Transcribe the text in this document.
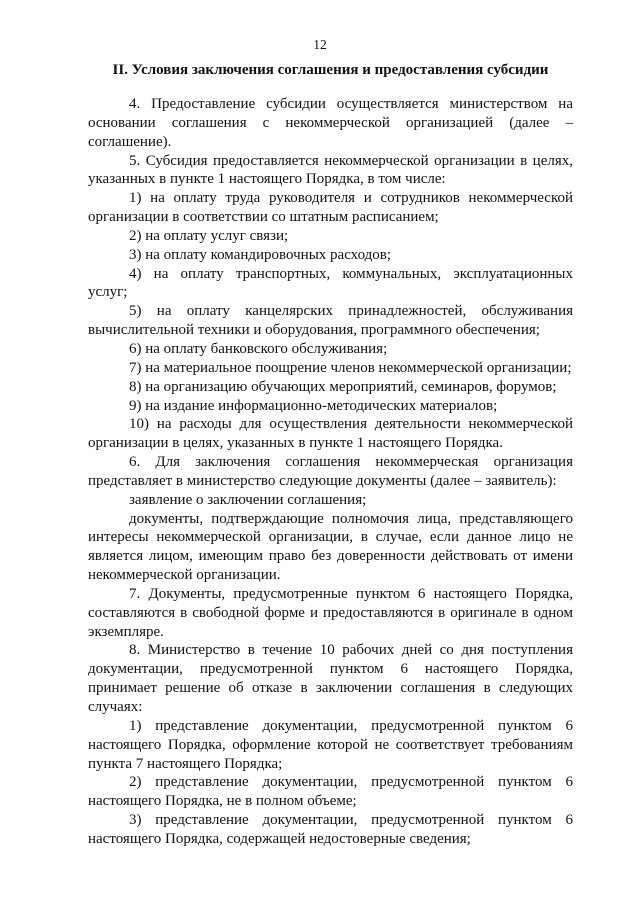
12
II. Условия заключения соглашения и предоставления субсидии

4. Предоставление субсидии осуществляется министерством на основании соглашения с некоммерческой организацией (далее – соглашение).

5. Субсидия предоставляется некоммерческой организации в целях, указанных в пункте 1 настоящего Порядка, в том числе:

1) на оплату труда руководителя и сотрудников некоммерческой организации в соответствии со штатным расписанием;

2) на оплату услуг связи;

3) на оплату командировочных расходов;

4) на оплату транспортных, коммунальных, эксплуатационных услуг;

5) на оплату канцелярских принадлежностей, обслуживания вычислительной техники и оборудования, программного обеспечения;

6) на оплату банковского обслуживания;

7) на материальное поощрение членов некоммерческой организации;

8) на организацию обучающих мероприятий, семинаров, форумов;

9) на издание информационно-методических материалов;

10) на расходы для осуществления деятельности некоммерческой организации в целях, указанных в пункте 1 настоящего Порядка.

6. Для заключения соглашения некоммерческая организация представляет в министерство следующие документы (далее – заявитель):

заявление о заключении соглашения;

документы, подтверждающие полномочия лица, представляющего интересы некоммерческой организации, в случае, если данное лицо не является лицом, имеющим право без доверенности действовать от имени некоммерческой организации.

7. Документы, предусмотренные пунктом 6 настоящего Порядка, составляются в свободной форме и предоставляются в оригинале в одном экземпляре.

8. Министерство в течение 10 рабочих дней со дня поступления документации, предусмотренной пунктом 6 настоящего Порядка, принимает решение об отказе в заключении соглашения в следующих случаях:

1) представление документации, предусмотренной пунктом 6 настоящего Порядка, оформление которой не соответствует требованиям пункта 7 настоящего Порядка;

2) представление документации, предусмотренной пунктом 6 настоящего Порядка, не в полном объеме;

3) представление документации, предусмотренной пунктом 6 настоящего Порядка, содержащей недостоверные сведения;
